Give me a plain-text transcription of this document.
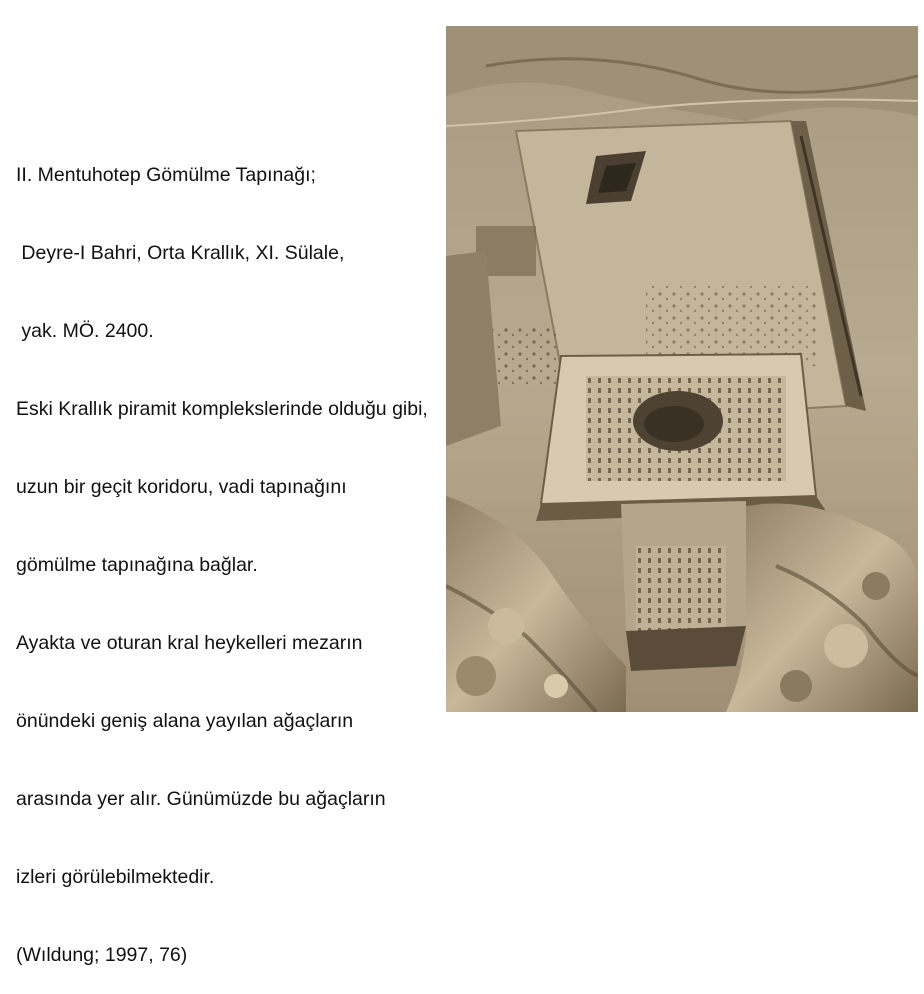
II. Mentuhotep Gömülme Tapınağı;

Deyre-I Bahri, Orta Krallık, XI. Sülale,

yak. MÖ. 2400.

Eski Krallık piramit komplekslerinde olduğu gibi,

uzun bir geçit koridoru, vadi tapınağını

gömülme tapınağına bağlar.

Ayakta ve oturan kral heykelleri mezarın

önündeki geniş alana yayılan ağaçların

arasında yer alır. Günümüzde bu ağaçların

izleri görülebilmektedir.

(Wıldung; 1997, 76)
